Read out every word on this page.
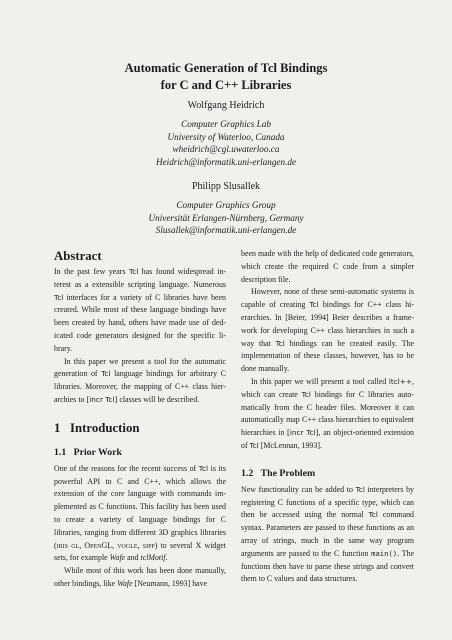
Automatic Generation of Tcl Bindings
for C and C++ Libraries
Wolfgang Heidrich
Computer Graphics Lab
University of Waterloo, Canada
wheidrich@cgl.uwaterloo.ca
Heidrich@informatik.uni-erlangen.de
Philipp Slusallek
Computer Graphics Group
Universität Erlangen-Nürnberg, Germany
Slusallek@informatik.uni-erlangen.de
Abstract

In the past few years Tcl has found widespread interest as a extensible scripting language. Numerous Tcl interfaces for a variety of C libraries have been created. While most of these language bindings have been created by hand, others have made use of dedicated code generators designed for the specific library.

In this paper we present a tool for the automatic generation of Tcl language bindings for arbitrary C libraries. Moreover, the mapping of C++ class hierarchies to [incr Tcl] classes will be described.

1 Introduction
1.1 Prior Work

One of the reasons for the recent success of Tcl is its powerful API to C and C++, which allows the extension of the core language with commands implemented as C functions. This facility has been used to create a variety of language bindings for C libraries, ranging from different 3D graphics libraries (iris gl, OpenGL, vogle, sipp) to several X widget sets, for example Wafe and tclMotif.

While most of this work has been done manually, other bindings, like Wafe [Neumann, 1993] have

been made with the help of dedicated code generators, which create the required C code from a simpler description file.

However, none of these semi-automatic systems is capable of creating Tcl bindings for C++ class hierarchies. In [Beier, 1994] Beier describes a framework for developing C++ class hierarchies in such a way that Tcl bindings can be created easily. The implementation of these classes, however, has to be done manually.

In this paper we will present a tool called ltcl++, which can create Tcl bindings for C libraries automatically from the C header files. Moreover it can automatically map C++ class hierarchies to equivalent hierarchies in [incr Tcl], an object-oriented extension of Tcl [McLennan, 1993].

1.2 The Problem

New functionality can be added to Tcl interpreters by registering C functions of a specific type, which can then be accessed using the normal Tcl command syntax. Parameters are passed to these functions as an array of strings, much in the same way program arguments are passed to the C function main(). The functions then have to parse these strings and convert them to C values and data structures.
